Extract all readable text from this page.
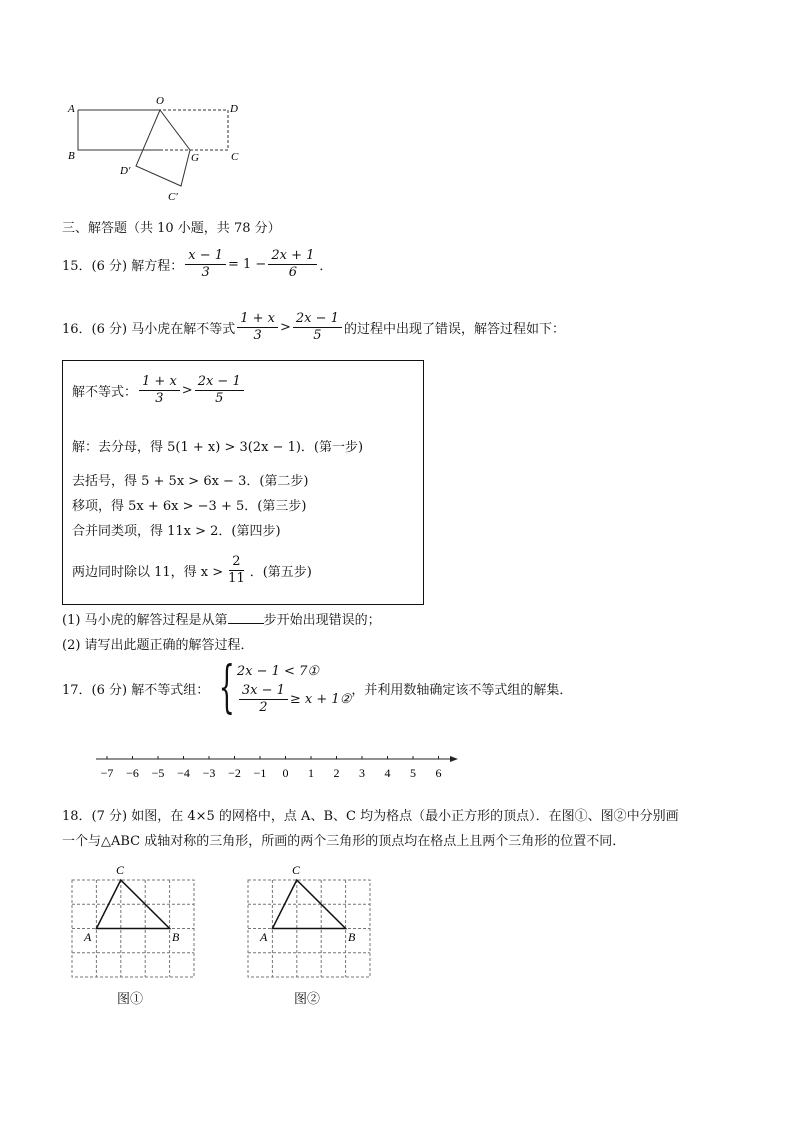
A
B
O
D
D′
G	C
C′
三、解答题（共 10 小题，共 78 分）
15．(6 分) 解方程： $\frac{x - 1}{3} = 1 - \frac{2x + 1}{6}$ ．
16．(6 分) 马小虎在解不等式 $\frac{1 + x}{3} > \frac{2x - 1}{5}$ 的过程中出现了错误，解答过程如下：
解不等式： $\frac{1 + x}{3} > \frac{2x - 1}{5}$
解：去分母，得 5(1 + x) > 3(2x − 1)．(第一步)
去括号，得 5 + 5x > 6x − 3．(第二步)
移项，得 5x + 6x > −3 + 5．(第三步)
合并同类项，得 11x > 2．(第四步)
两边同时除以 11，得 $x > \frac{2}{11}$ ．(第五步)
(1) 马小虎的解答过程是从第	步开始出现错误的；
(2) 请写出此题正确的解答过程．
17．(6 分) 解不等式组： { 2x − 1 < 7①
$\frac{3x - 1}{2} \ge x$ + 1②
，并利用数轴确定该不等式组的解集．
−7 −6 −5 −4 −3 −2 −1 0 1 2 3 4 5 6
18．(7 分) 如图，在 4×5 的网格中，点 A、B、C 均为格点（最小正方形的顶点）．在图①、图②中分别画
一个与△ABC 成轴对称的三角形，所画的两个三角形的顶点均在格点上且两个三角形的位置不同．
A	B
C
图①
A	B
C
图②
